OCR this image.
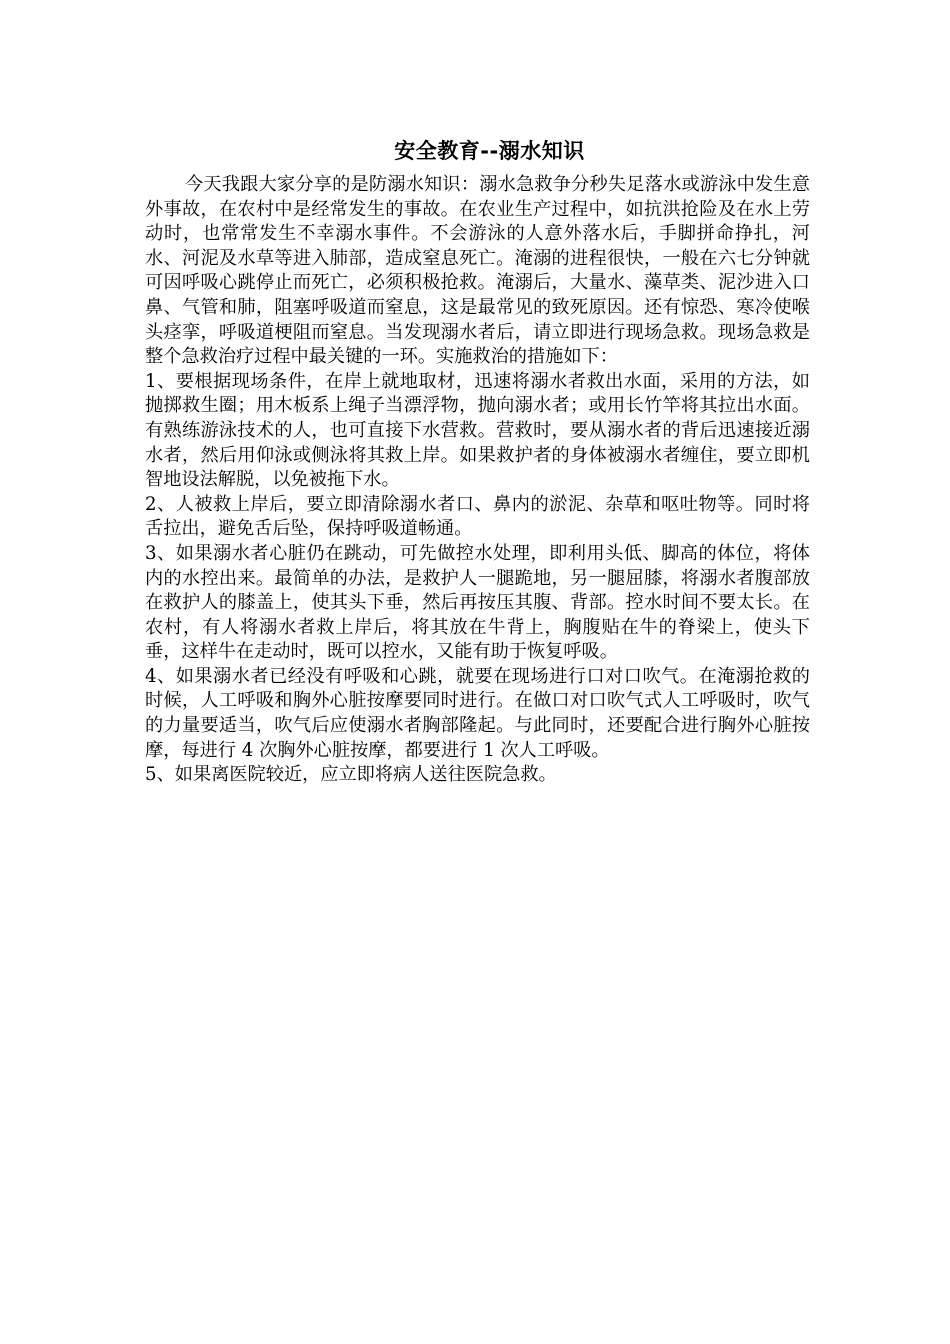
安全教育--溺水知识

今天我跟大家分享的是防溺水知识：溺水急救争分秒失足落水或游泳中发生意外事故，在农村中是经常发生的事故。在农业生产过程中，如抗洪抢险及在水上劳动时，也常常发生不幸溺水事件。不会游泳的人意外落水后，手脚拼命挣扎，河水、河泥及水草等进入肺部，造成窒息死亡。淹溺的进程很快，一般在六七分钟就可因呼吸心跳停止而死亡，必须积极抢救。淹溺后，大量水、藻草类、泥沙进入口鼻、气管和肺，阻塞呼吸道而窒息，这是最常见的致死原因。还有惊恐、寒冷使喉头痉挛，呼吸道梗阻而窒息。当发现溺水者后，请立即进行现场急救。现场急救是整个急救治疗过程中最关键的一环。实施救治的措施如下：

1、要根据现场条件，在岸上就地取材，迅速将溺水者救出水面，采用的方法，如抛掷救生圈；用木板系上绳子当漂浮物，抛向溺水者；或用长竹竿将其拉出水面。有熟练游泳技术的人，也可直接下水营救。营救时，要从溺水者的背后迅速接近溺水者，然后用仰泳或侧泳将其救上岸。如果救护者的身体被溺水者缠住，要立即机智地设法解脱，以免被拖下水。

2、人被救上岸后，要立即清除溺水者口、鼻内的淤泥、杂草和呕吐物等。同时将舌拉出，避免舌后坠，保持呼吸道畅通。

3、如果溺水者心脏仍在跳动，可先做控水处理，即利用头低、脚高的体位，将体内的水控出来。最简单的办法，是救护人一腿跪地，另一腿屈膝，将溺水者腹部放在救护人的膝盖上，使其头下垂，然后再按压其腹、背部。控水时间不要太长。在农村，有人将溺水者救上岸后，将其放在牛背上，胸腹贴在牛的脊梁上，使头下垂，这样牛在走动时，既可以控水，又能有助于恢复呼吸。

4、如果溺水者已经没有呼吸和心跳，就要在现场进行口对口吹气。在淹溺抢救的时候，人工呼吸和胸外心脏按摩要同时进行。在做口对口吹气式人工呼吸时，吹气的力量要适当，吹气后应使溺水者胸部隆起。与此同时，还要配合进行胸外心脏按摩，每进行 4 次胸外心脏按摩，都要进行 1 次人工呼吸。

5、如果离医院较近，应立即将病人送往医院急救。
